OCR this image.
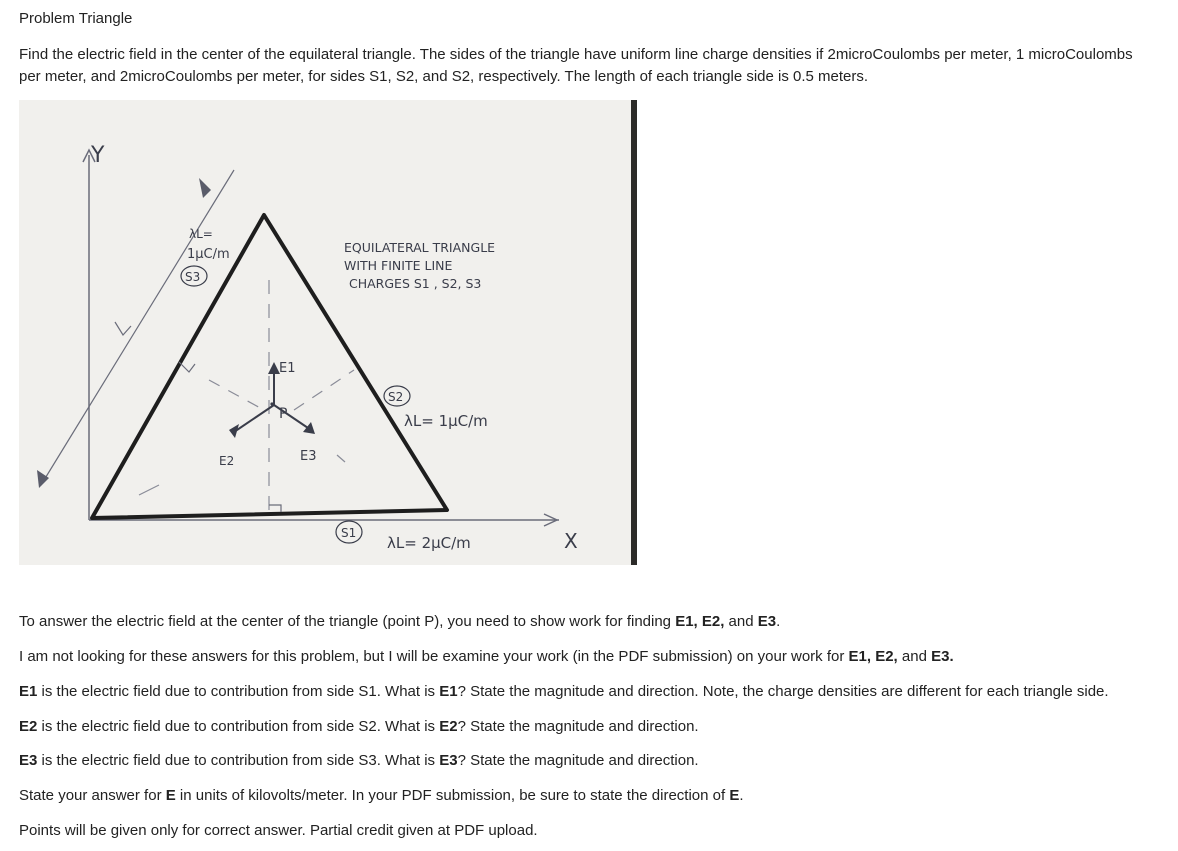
Problem Triangle
Find the electric field in the center of the equilateral triangle. The sides of the triangle have uniform line charge densities if 2microCoulombs per meter, 1 microCoulombs per meter, and 2microCoulombs per meter, for sides S1, S2, and S2, respectively. The length of each triangle side is 0.5 meters.
Y
X
EQUILATERAL TRIANGLE
WITH FINITE LINE
CHARGES S1 , S2, S3
λL=
1μC/m
S3
S2
λL= 1μC/m
S1
λL= 2μC/m
P
E1
E2	E3
To answer the electric field at the center of the triangle (point P), you need to show work for finding E1, E2, and E3.
I am not looking for these answers for this problem, but I will be examine your work (in the PDF submission) on your work for E1, E2, and E3.
E1 is the electric field due to contribution from side S1. What is E1? State the magnitude and direction. Note, the charge densities are different for each triangle side.
E2 is the electric field due to contribution from side S2. What is E2? State the magnitude and direction.
E3 is the electric field due to contribution from side S3. What is E3? State the magnitude and direction.
State your answer for E in units of kilovolts/meter. In your PDF submission, be sure to state the direction of E.
Points will be given only for correct answer. Partial credit given at PDF upload.
